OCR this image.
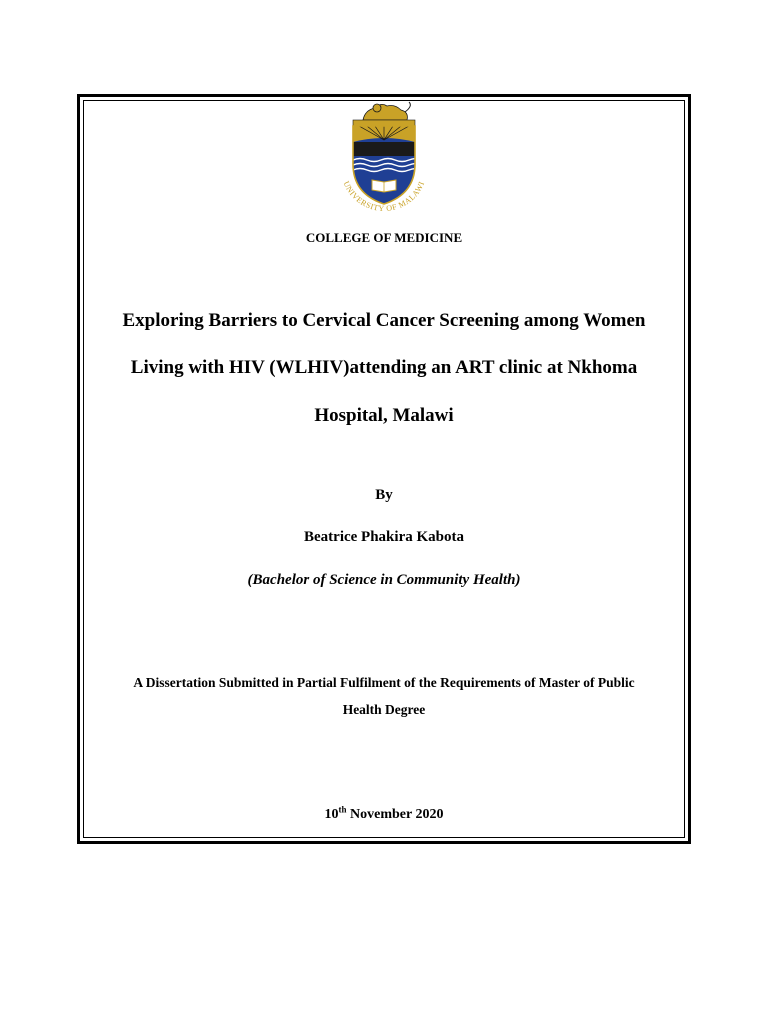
UNIVERSITY OF MALAWI
COLLEGE OF MEDICINE
Exploring Barriers to Cervical Cancer Screening among Women
Living with HIV (WLHIV)attending an ART clinic at Nkhoma
Hospital, Malawi
By
Beatrice Phakira Kabota
(Bachelor of Science in Community Health)
A Dissertation Submitted in Partial Fulfilment of the Requirements of Master of Public
Health Degree
10th November 2020
